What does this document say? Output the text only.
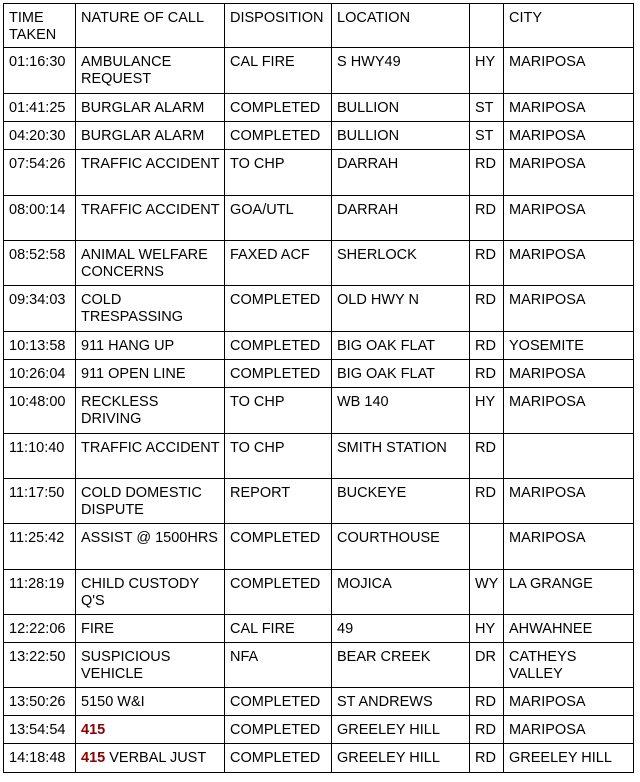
TIME TAKEN	NATURE OF CALL	DISPOSITION	LOCATION		CITY
01:16:30	AMBULANCE REQUEST	CAL FIRE	S HWY49	HY	MARIPOSA
01:41:25	BURGLAR ALARM	COMPLETED	BULLION	ST	MARIPOSA
04:20:30	BURGLAR ALARM	COMPLETED	BULLION	ST	MARIPOSA
07:54:26	TRAFFIC ACCIDENT	TO CHP	DARRAH	RD	MARIPOSA
08:00:14	TRAFFIC ACCIDENT	GOA/UTL	DARRAH	RD	MARIPOSA
08:52:58	ANIMAL WELFARE CONCERNS	FAXED ACF	SHERLOCK	RD	MARIPOSA
09:34:03	COLD TRESPASSING	COMPLETED	OLD HWY N	RD	MARIPOSA
10:13:58	911 HANG UP	COMPLETED	BIG OAK FLAT	RD	YOSEMITE
10:26:04	911 OPEN LINE	COMPLETED	BIG OAK FLAT	RD	MARIPOSA
10:48:00	RECKLESS DRIVING	TO CHP	WB 140	HY	MARIPOSA
11:10:40	TRAFFIC ACCIDENT	TO CHP	SMITH STATION	RD	
11:17:50	COLD DOMESTIC DISPUTE	REPORT	BUCKEYE	RD	MARIPOSA
11:25:42	ASSIST @ 1500HRS	COMPLETED	COURTHOUSE		MARIPOSA
11:28:19	CHILD CUSTODY Q'S	COMPLETED	MOJICA	WY	LA GRANGE
12:22:06	FIRE	CAL FIRE	49	HY	AHWAHNEE
13:22:50	SUSPICIOUS VEHICLE	NFA	BEAR CREEK	DR	CATHEYS VALLEY
13:50:26	5150 W&I	COMPLETED	ST ANDREWS	RD	MARIPOSA
13:54:54	415	COMPLETED	GREELEY HILL	RD	MARIPOSA
14:18:48	415 VERBAL JUST	COMPLETED	GREELEY HILL	RD	GREELEY HILL
